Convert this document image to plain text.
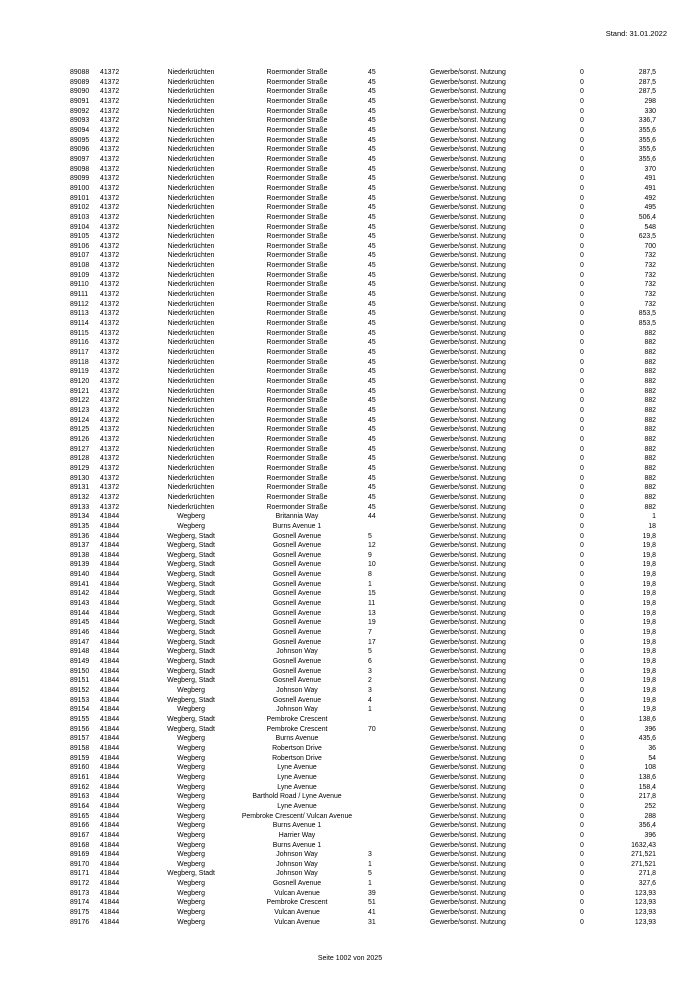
Stand: 31.01.2022
89088	41372	Niederkrüchten	Roermonder Straße	45	Gewerbe/sonst. Nutzung	0	287,5	
89089	41372	Niederkrüchten	Roermonder Straße	45	Gewerbe/sonst. Nutzung	0	287,5	
89090	41372	Niederkrüchten	Roermonder Straße	45	Gewerbe/sonst. Nutzung	0	287,5	
89091	41372	Niederkrüchten	Roermonder Straße	45	Gewerbe/sonst. Nutzung	0	298	
89092	41372	Niederkrüchten	Roermonder Straße	45	Gewerbe/sonst. Nutzung	0	330	
89093	41372	Niederkrüchten	Roermonder Straße	45	Gewerbe/sonst. Nutzung	0	336,7	
89094	41372	Niederkrüchten	Roermonder Straße	45	Gewerbe/sonst. Nutzung	0	355,6	
89095	41372	Niederkrüchten	Roermonder Straße	45	Gewerbe/sonst. Nutzung	0	355,6	
89096	41372	Niederkrüchten	Roermonder Straße	45	Gewerbe/sonst. Nutzung	0	355,6	
89097	41372	Niederkrüchten	Roermonder Straße	45	Gewerbe/sonst. Nutzung	0	355,6	
89098	41372	Niederkrüchten	Roermonder Straße	45	Gewerbe/sonst. Nutzung	0	370	
89099	41372	Niederkrüchten	Roermonder Straße	45	Gewerbe/sonst. Nutzung	0	491	
89100	41372	Niederkrüchten	Roermonder Straße	45	Gewerbe/sonst. Nutzung	0	491	
89101	41372	Niederkrüchten	Roermonder Straße	45	Gewerbe/sonst. Nutzung	0	492	
89102	41372	Niederkrüchten	Roermonder Straße	45	Gewerbe/sonst. Nutzung	0	495	
89103	41372	Niederkrüchten	Roermonder Straße	45	Gewerbe/sonst. Nutzung	0	506,4	
89104	41372	Niederkrüchten	Roermonder Straße	45	Gewerbe/sonst. Nutzung	0	548	
89105	41372	Niederkrüchten	Roermonder Straße	45	Gewerbe/sonst. Nutzung	0	623,5	
89106	41372	Niederkrüchten	Roermonder Straße	45	Gewerbe/sonst. Nutzung	0	700	
89107	41372	Niederkrüchten	Roermonder Straße	45	Gewerbe/sonst. Nutzung	0	732	
89108	41372	Niederkrüchten	Roermonder Straße	45	Gewerbe/sonst. Nutzung	0	732	
89109	41372	Niederkrüchten	Roermonder Straße	45	Gewerbe/sonst. Nutzung	0	732	
89110	41372	Niederkrüchten	Roermonder Straße	45	Gewerbe/sonst. Nutzung	0	732	
89111	41372	Niederkrüchten	Roermonder Straße	45	Gewerbe/sonst. Nutzung	0	732	
89112	41372	Niederkrüchten	Roermonder Straße	45	Gewerbe/sonst. Nutzung	0	732	
89113	41372	Niederkrüchten	Roermonder Straße	45	Gewerbe/sonst. Nutzung	0	853,5	
89114	41372	Niederkrüchten	Roermonder Straße	45	Gewerbe/sonst. Nutzung	0	853,5	
89115	41372	Niederkrüchten	Roermonder Straße	45	Gewerbe/sonst. Nutzung	0	882	
89116	41372	Niederkrüchten	Roermonder Straße	45	Gewerbe/sonst. Nutzung	0	882	
89117	41372	Niederkrüchten	Roermonder Straße	45	Gewerbe/sonst. Nutzung	0	882	
89118	41372	Niederkrüchten	Roermonder Straße	45	Gewerbe/sonst. Nutzung	0	882	
89119	41372	Niederkrüchten	Roermonder Straße	45	Gewerbe/sonst. Nutzung	0	882	
89120	41372	Niederkrüchten	Roermonder Straße	45	Gewerbe/sonst. Nutzung	0	882	
89121	41372	Niederkrüchten	Roermonder Straße	45	Gewerbe/sonst. Nutzung	0	882	
89122	41372	Niederkrüchten	Roermonder Straße	45	Gewerbe/sonst. Nutzung	0	882	
89123	41372	Niederkrüchten	Roermonder Straße	45	Gewerbe/sonst. Nutzung	0	882	
89124	41372	Niederkrüchten	Roermonder Straße	45	Gewerbe/sonst. Nutzung	0	882	
89125	41372	Niederkrüchten	Roermonder Straße	45	Gewerbe/sonst. Nutzung	0	882	
89126	41372	Niederkrüchten	Roermonder Straße	45	Gewerbe/sonst. Nutzung	0	882	
89127	41372	Niederkrüchten	Roermonder Straße	45	Gewerbe/sonst. Nutzung	0	882	
89128	41372	Niederkrüchten	Roermonder Straße	45	Gewerbe/sonst. Nutzung	0	882	
89129	41372	Niederkrüchten	Roermonder Straße	45	Gewerbe/sonst. Nutzung	0	882	
89130	41372	Niederkrüchten	Roermonder Straße	45	Gewerbe/sonst. Nutzung	0	882	
89131	41372	Niederkrüchten	Roermonder Straße	45	Gewerbe/sonst. Nutzung	0	882	
89132	41372	Niederkrüchten	Roermonder Straße	45	Gewerbe/sonst. Nutzung	0	882	
89133	41372	Niederkrüchten	Roermonder Straße	45	Gewerbe/sonst. Nutzung	0	882	
89134	41844	Wegberg	Britannia Way	44	Gewerbe/sonst. Nutzung	0	1	
89135	41844	Wegberg	Burns Avenue 1		Gewerbe/sonst. Nutzung	0	18	
89136	41844	Wegberg, Stadt	Gosnell Avenue	5	Gewerbe/sonst. Nutzung	0	19,8	
89137	41844	Wegberg, Stadt	Gosnell Avenue	12	Gewerbe/sonst. Nutzung	0	19,8	
89138	41844	Wegberg, Stadt	Gosnell Avenue	9	Gewerbe/sonst. Nutzung	0	19,8	
89139	41844	Wegberg, Stadt	Gosnell Avenue	10	Gewerbe/sonst. Nutzung	0	19,8	
89140	41844	Wegberg, Stadt	Gosnell Avenue	8	Gewerbe/sonst. Nutzung	0	19,8	
89141	41844	Wegberg, Stadt	Gosnell Avenue	1	Gewerbe/sonst. Nutzung	0	19,8	
89142	41844	Wegberg, Stadt	Gosnell Avenue	15	Gewerbe/sonst. Nutzung	0	19,8	
89143	41844	Wegberg, Stadt	Gosnell Avenue	11	Gewerbe/sonst. Nutzung	0	19,8	
89144	41844	Wegberg, Stadt	Gosnell Avenue	13	Gewerbe/sonst. Nutzung	0	19,8	
89145	41844	Wegberg, Stadt	Gosnell Avenue	19	Gewerbe/sonst. Nutzung	0	19,8	
89146	41844	Wegberg, Stadt	Gosnell Avenue	7	Gewerbe/sonst. Nutzung	0	19,8	
89147	41844	Wegberg, Stadt	Gosnell Avenue	17	Gewerbe/sonst. Nutzung	0	19,8	
89148	41844	Wegberg, Stadt	Johnson Way	5	Gewerbe/sonst. Nutzung	0	19,8	
89149	41844	Wegberg, Stadt	Gosnell Avenue	6	Gewerbe/sonst. Nutzung	0	19,8	
89150	41844	Wegberg, Stadt	Gosnell Avenue	3	Gewerbe/sonst. Nutzung	0	19,8	
89151	41844	Wegberg, Stadt	Gosnell Avenue	2	Gewerbe/sonst. Nutzung	0	19,8	
89152	41844	Wegberg	Johnson Way	3	Gewerbe/sonst. Nutzung	0	19,8	
89153	41844	Wegberg, Stadt	Gosnell Avenue	4	Gewerbe/sonst. Nutzung	0	19,8	
89154	41844	Wegberg	Johnson Way	1	Gewerbe/sonst. Nutzung	0	19,8	
89155	41844	Wegberg, Stadt	Pembroke Crescent		Gewerbe/sonst. Nutzung	0	138,6	
89156	41844	Wegberg, Stadt	Pembroke Crescent	70	Gewerbe/sonst. Nutzung	0	396	
89157	41844	Wegberg	Burns Avenue		Gewerbe/sonst. Nutzung	0	435,6	
89158	41844	Wegberg	Robertson Drive		Gewerbe/sonst. Nutzung	0	36	
89159	41844	Wegberg	Robertson Drive		Gewerbe/sonst. Nutzung	0	54	
89160	41844	Wegberg	Lyne Avenue		Gewerbe/sonst. Nutzung	0	108	
89161	41844	Wegberg	Lyne Avenue		Gewerbe/sonst. Nutzung	0	138,6	
89162	41844	Wegberg	Lyne Avenue		Gewerbe/sonst. Nutzung	0	158,4	
89163	41844	Wegberg	Barthold Road / Lyne Avenue		Gewerbe/sonst. Nutzung	0	217,8	
89164	41844	Wegberg	Lyne Avenue		Gewerbe/sonst. Nutzung	0	252	
89165	41844	Wegberg	Pembroke Crescent/ Vulcan Avenue		Gewerbe/sonst. Nutzung	0	288	
89166	41844	Wegberg	Burns Avenue 1		Gewerbe/sonst. Nutzung	0	356,4	
89167	41844	Wegberg	Harrier Way		Gewerbe/sonst. Nutzung	0	396	
89168	41844	Wegberg	Burns Avenue 1		Gewerbe/sonst. Nutzung	0	1632,43	
89169	41844	Wegberg	Johnson Way	3	Gewerbe/sonst. Nutzung	0	271,521	
89170	41844	Wegberg	Johnson Way	1	Gewerbe/sonst. Nutzung	0	271,521	
89171	41844	Wegberg, Stadt	Johnson Way	5	Gewerbe/sonst. Nutzung	0	271,8	
89172	41844	Wegberg	Gosnell Avenue	1	Gewerbe/sonst. Nutzung	0	327,6	
89173	41844	Wegberg	Vulcan Avenue	39	Gewerbe/sonst. Nutzung	0	123,93	
89174	41844	Wegberg	Pembroke Crescent	51	Gewerbe/sonst. Nutzung	0	123,93	
89175	41844	Wegberg	Vulcan Avenue	41	Gewerbe/sonst. Nutzung	0	123,93	
89176	41844	Wegberg	Vulcan Avenue	31	Gewerbe/sonst. Nutzung	0	123,93	
Seite 1002 von 2025
